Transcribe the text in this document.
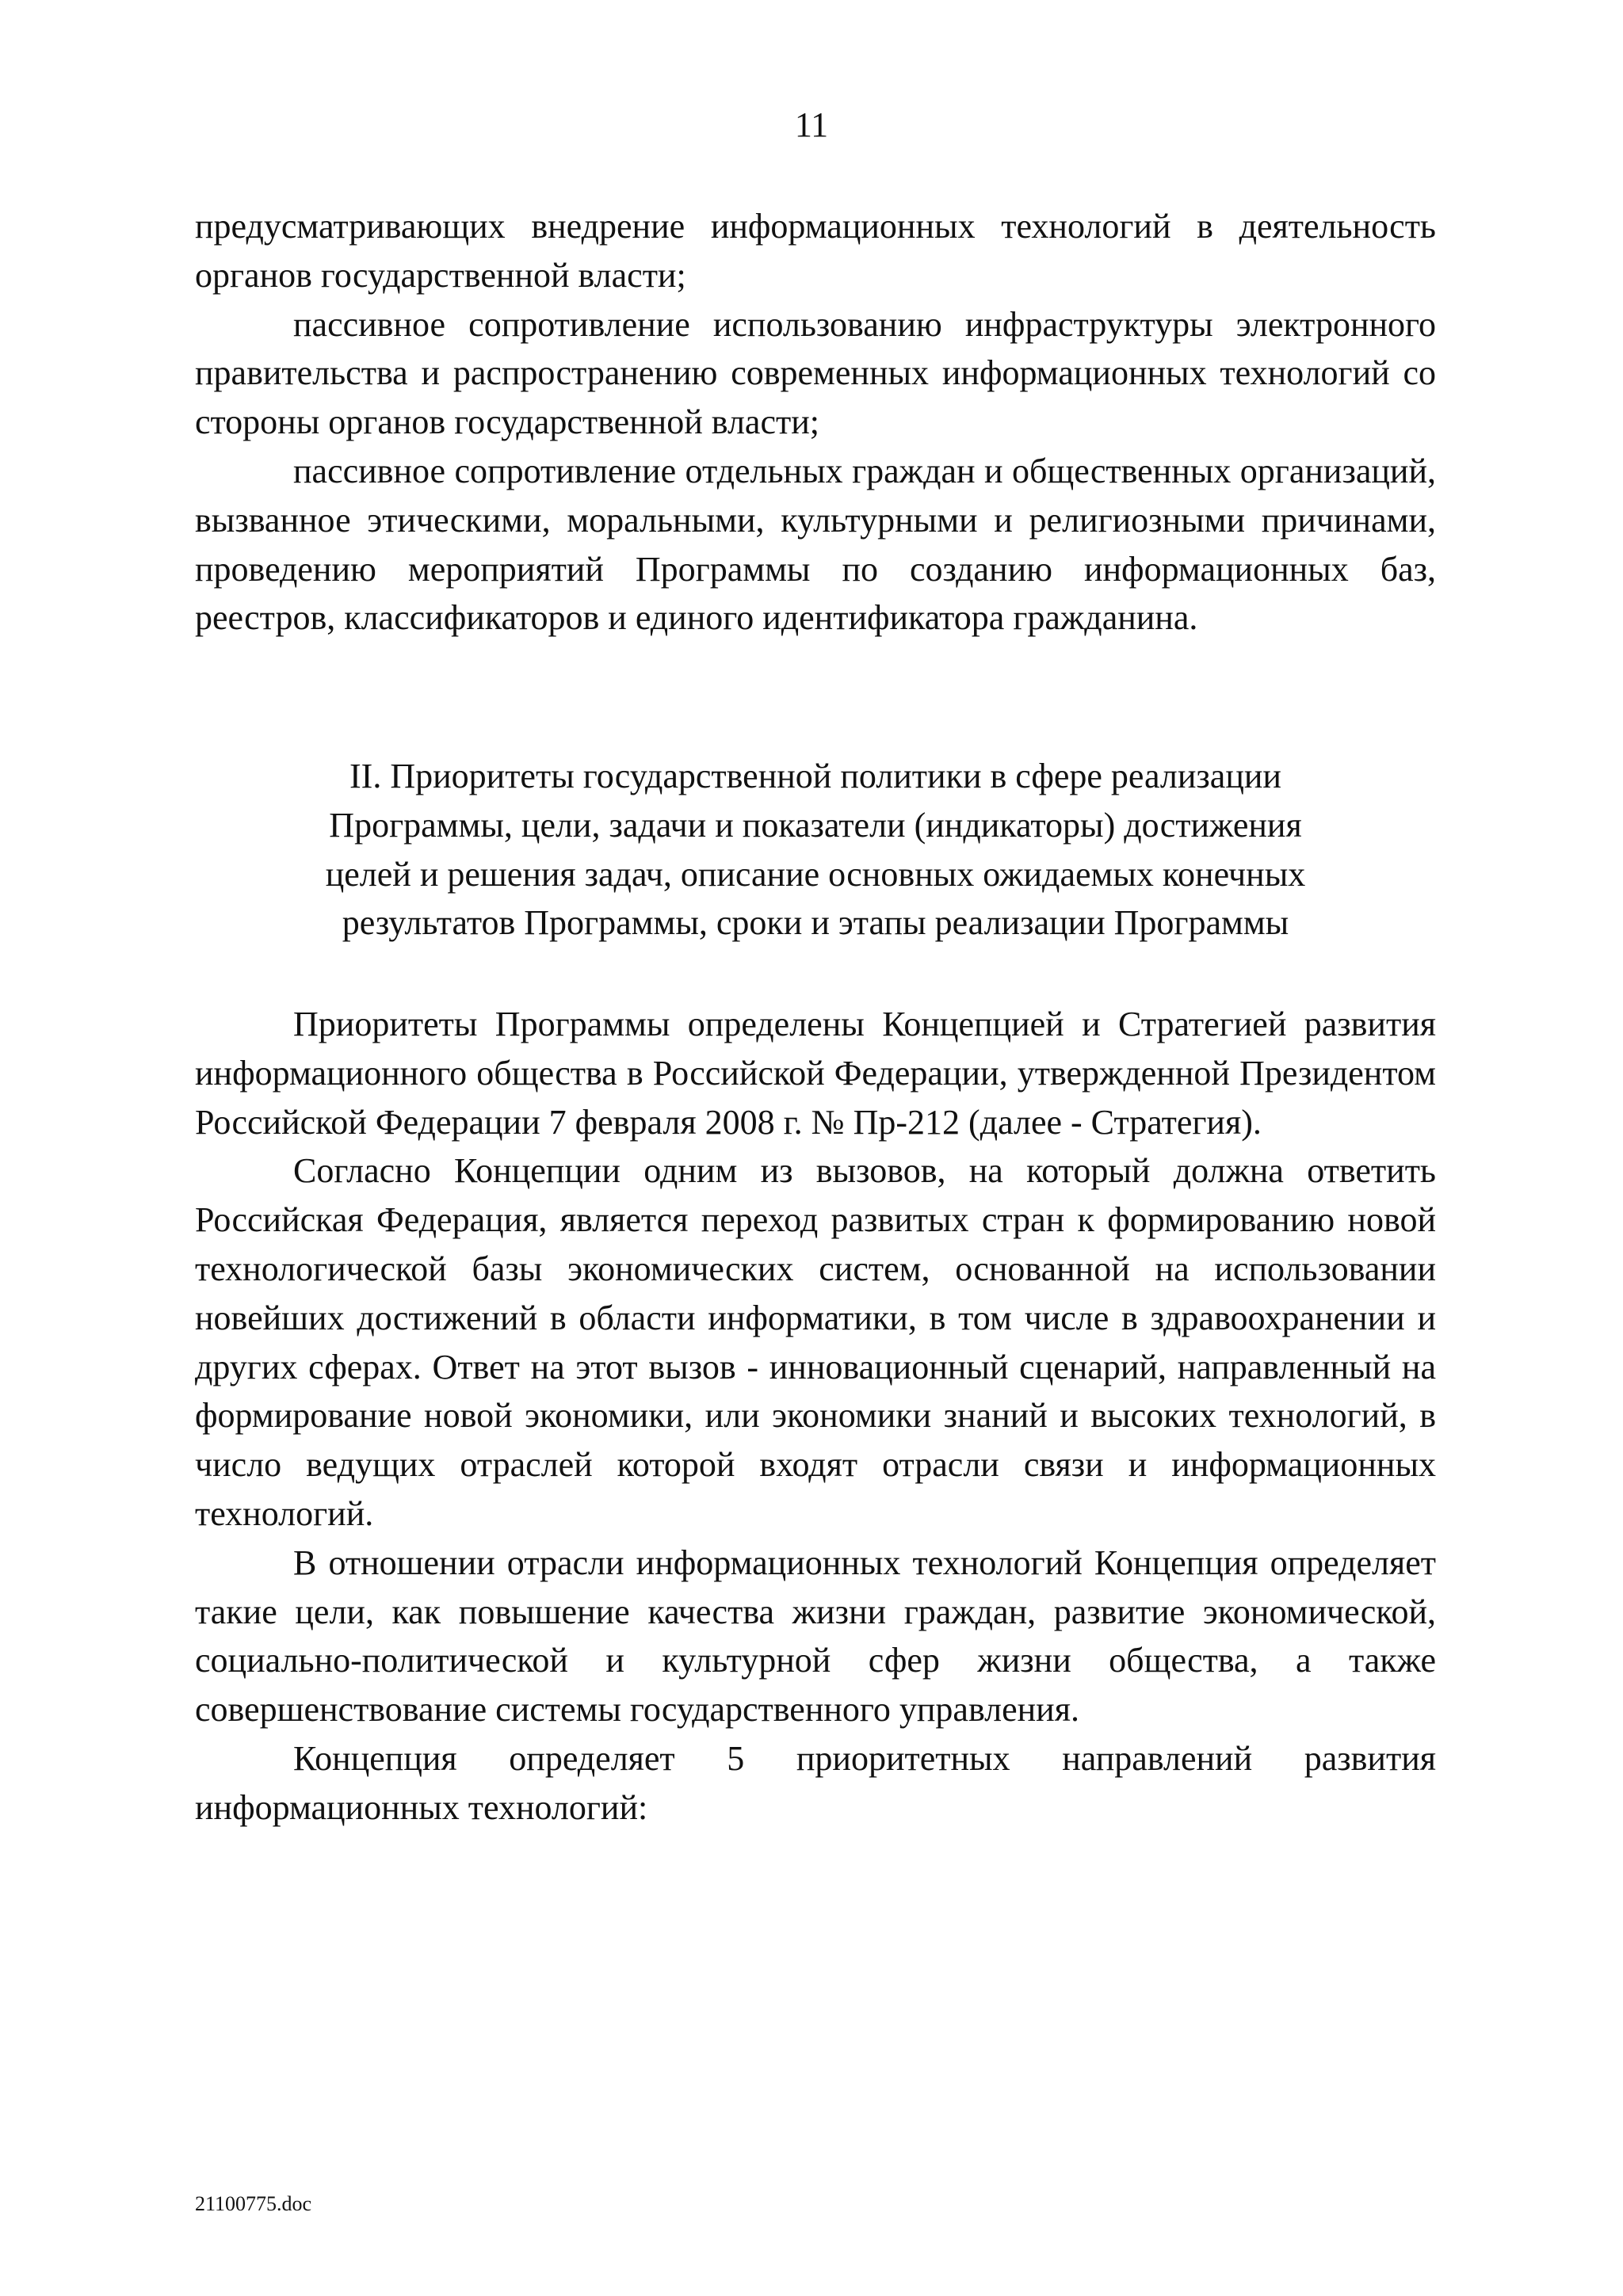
11

предусматривающих внедрение информационных технологий в деятельность органов государственной власти;

пассивное сопротивление использованию инфраструктуры электронного правительства и распространению современных информационных технологий со стороны органов государственной власти;

пассивное сопротивление отдельных граждан и общественных организаций, вызванное этическими, моральными, культурными и религиозными причинами, проведению мероприятий Программы по созданию информационных баз, реестров, классификаторов и единого идентификатора гражданина.

II. Приоритеты государственной политики в сфере реализации
Программы, цели, задачи и показатели (индикаторы) достижения
целей и решения задач, описание основных ожидаемых конечных
результатов Программы, сроки и этапы реализации Программы

Приоритеты Программы определены Концепцией и Стратегией развития информационного общества в Российской Федерации, утвержденной Президентом Российской Федерации 7 февраля 2008 г. № Пр-212 (далее - Стратегия).

Согласно Концепции одним из вызовов, на который должна ответить Российская Федерация, является переход развитых стран к формированию новой технологической базы экономических систем, основанной на использовании новейших достижений в области информатики, в том числе в здравоохранении и других сферах. Ответ на этот вызов - инновационный сценарий, направленный на формирование новой экономики, или экономики знаний и высоких технологий, в число ведущих отраслей которой входят отрасли связи и информационных технологий.

В отношении отрасли информационных технологий Концепция определяет такие цели, как повышение качества жизни граждан, развитие экономической, социально-политической и культурной сфер жизни общества, а также совершенствование системы государственного управления.

Концепция определяет 5 приоритетных направлений развития информационных технологий:

21100775.doc
